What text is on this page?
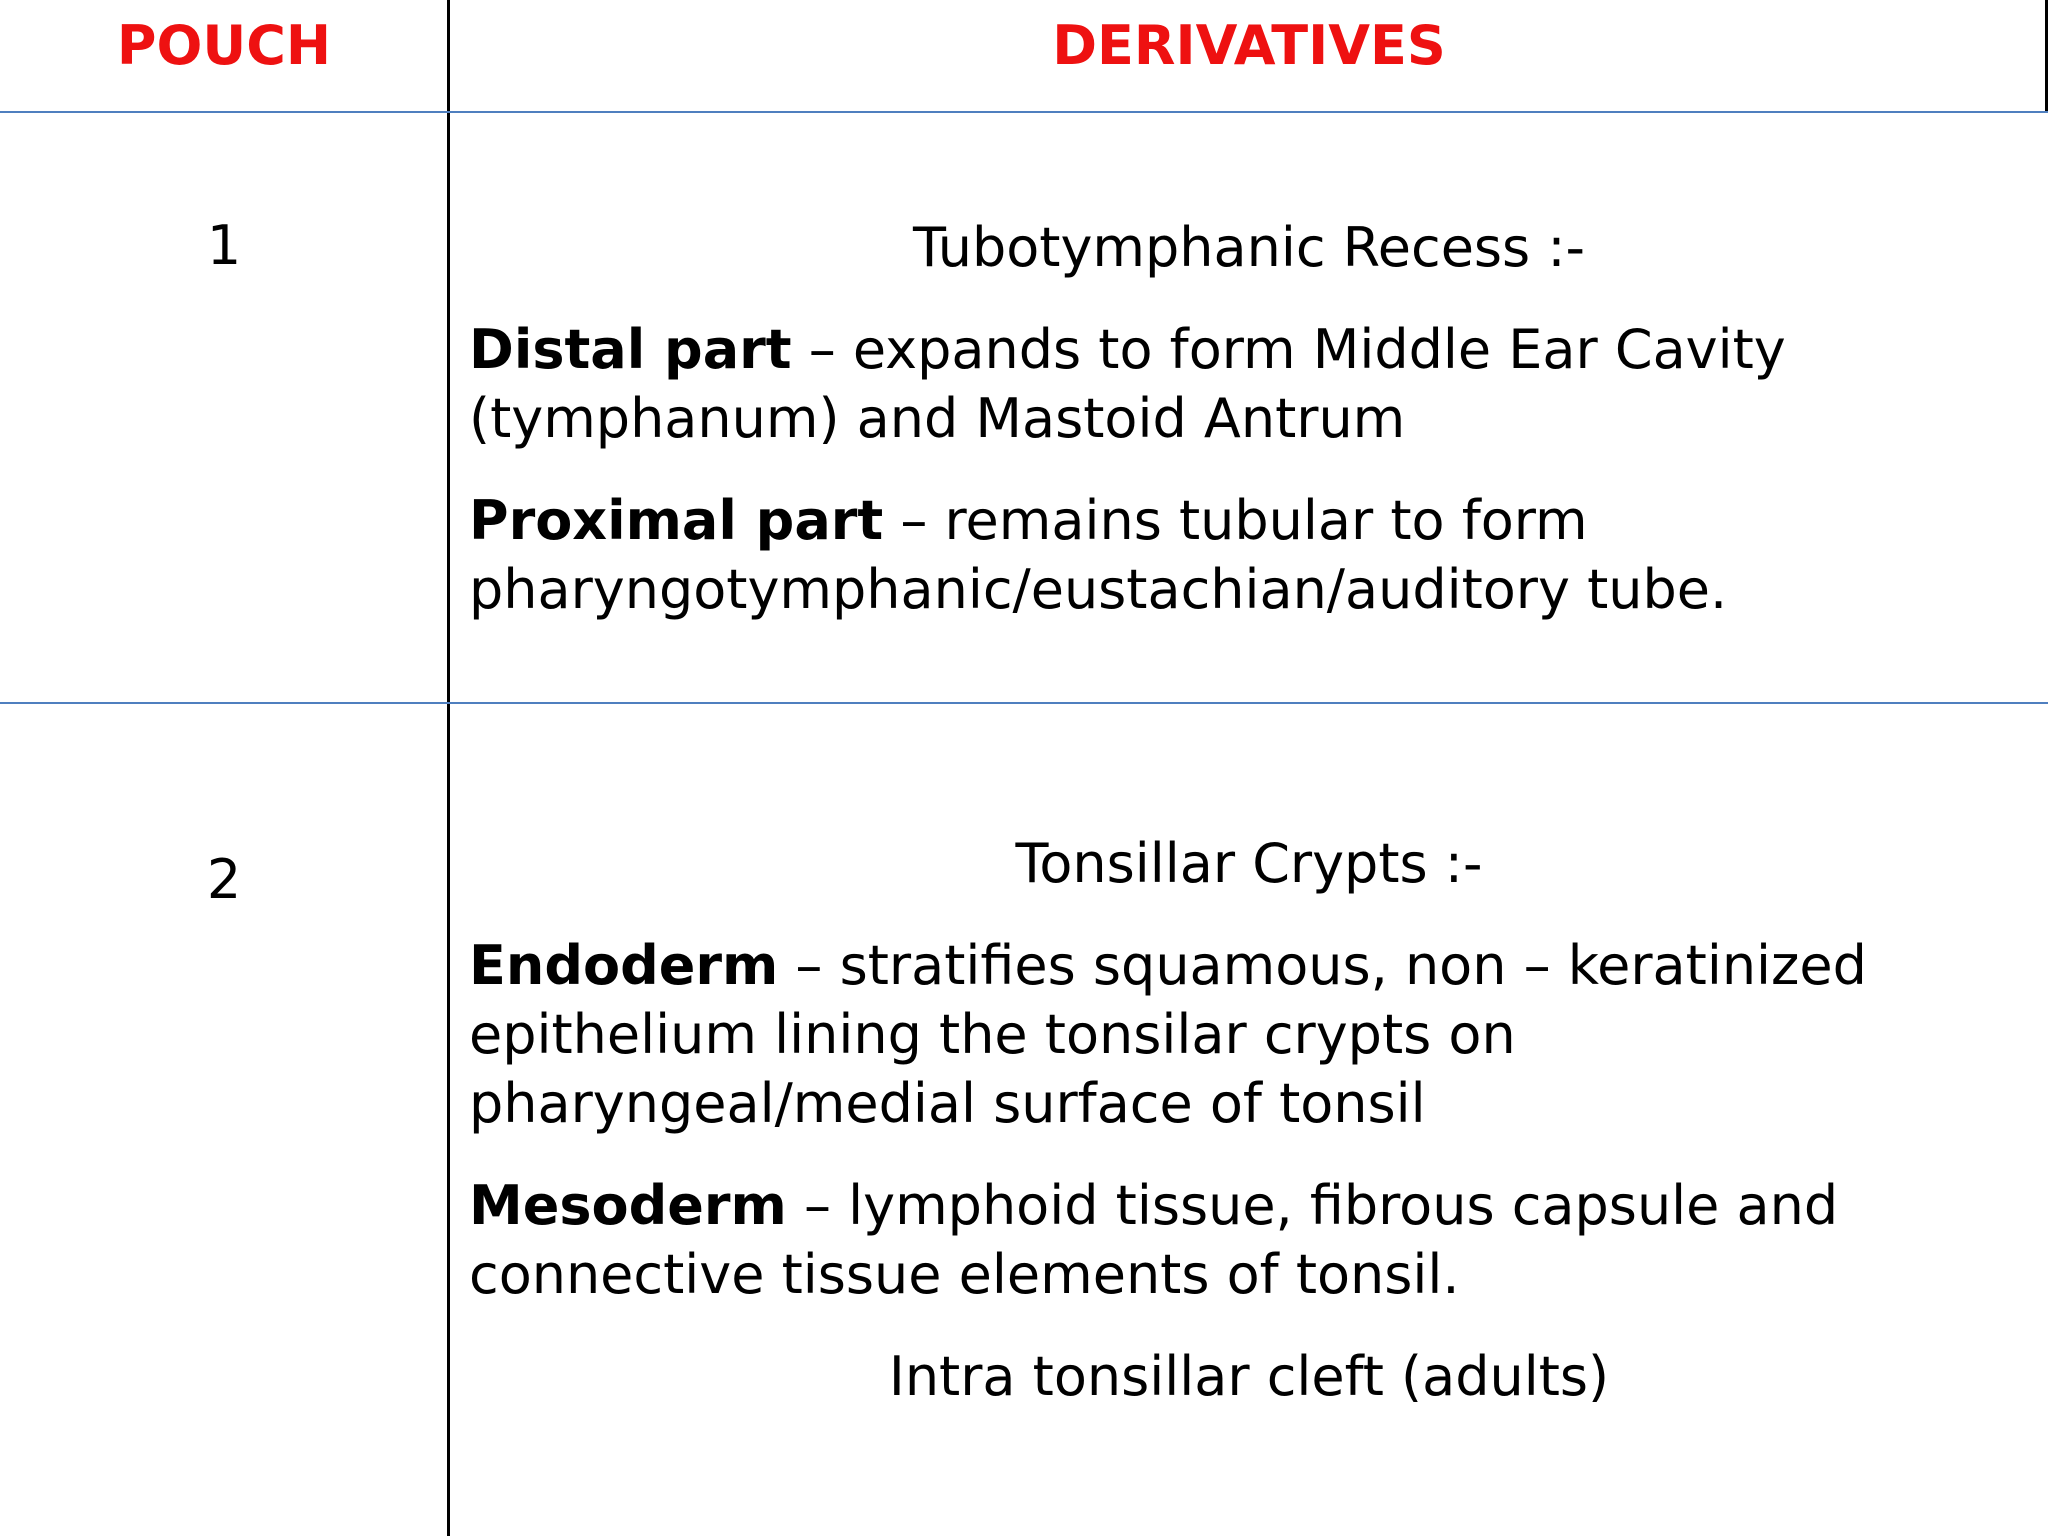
POUCH	DERIVATIVES
1	Tubotymphanic Recess :-
Distal part – expands to form Middle Ear Cavity (tymphanum) and Mastoid Antrum
Proximal part – remains tubular to form pharyngotymphanic/eustachian/auditory tube.
2	Tonsillar Crypts :-
Endoderm – stratifies squamous, non – keratinized epithelium lining the tonsilar crypts on pharyngeal/medial surface of tonsil
Mesoderm – lymphoid tissue, fibrous capsule and connective tissue elements of tonsil.
Intra tonsillar cleft (adults)
